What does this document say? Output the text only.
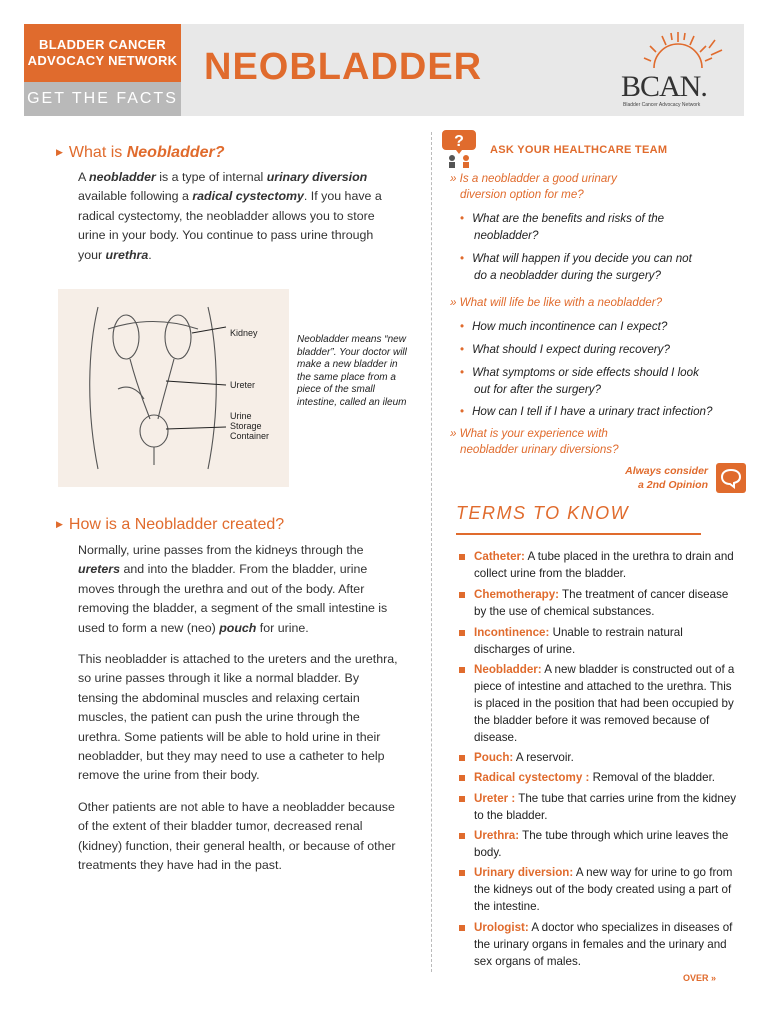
BLADDER CANCER
ADVOCACY NETWORK
GET THE FACTS
NEOBLADDER	BCAN.
Bladder Cancer Advocacy Network
▶ What is Neobladder?

A neobladder is a type of internal urinary diversion available following a radical cystectomy. If you have a radical cystectomy, the neobladder allows you to store urine in your body. You continue to pass urine through your urethra.

Kidney
Ureter
Urine
Storage
Container
Neobladder means “new bladder”. Your doctor will make a new bladder in the same place from a piece of the small intestine, called an ileum
▶ How is a Neobladder created?

Normally, urine passes from the kidneys through the ureters and into the bladder. From the bladder, urine moves through the urethra and out of the body. After removing the bladder, a segment of the small intestine is used to form a new (neo) pouch for urine.

This neobladder is attached to the ureters and the urethra, so urine passes through it like a normal bladder. By tensing the abdominal muscles and relaxing certain muscles, the patient can push the urine through the urethra. Some patients will be able to hold urine in their neobladder, but they may need to use a catheter to help remove the urine from their body.

Other patients are not able to have a neobladder because of the extent of their bladder tumor, decreased renal (kidney) function, their general health, or because of other treatments they have had in the past.

? ASK YOUR HEALTHCARE TEAM
» Is a neobladder a good urinary
diversion option for me?
• What are the benefits and risks of the
neobladder?
• What will happen if you decide you can not
do a neobladder during the surgery?
» What will life be like with a neobladder?
• How much incontinence can I expect?
• What should I expect during recovery?
• What symptoms or side effects should I look
out for after the surgery?
• How can I tell if I have a urinary tract infection?
» What is your experience with
neobladder urinary diversions?
Always consider
a 2nd Opinion
TERMS TO KNOW
Catheter: A tube placed in the urethra to drain and collect urine from the bladder.
Chemotherapy: The treatment of cancer disease by the use of chemical substances.
Incontinence: Unable to restrain natural discharges of urine.
Neobladder: A new bladder is constructed out of a piece of intestine and attached to the urethra. This is placed in the position that had been occupied by the bladder before it was removed because of disease.
Pouch: A reservoir.
Radical cystectomy : Removal of the bladder.
Ureter : The tube that carries urine from the kidney to the bladder.
Urethra: The tube through which urine leaves the body.
Urinary diversion: A new way for urine to go from the kidneys out of the body created using a part of the intestine.
Urologist: A doctor who specializes in diseases of the urinary organs in females and the urinary and sex organs of males.
OVER »
